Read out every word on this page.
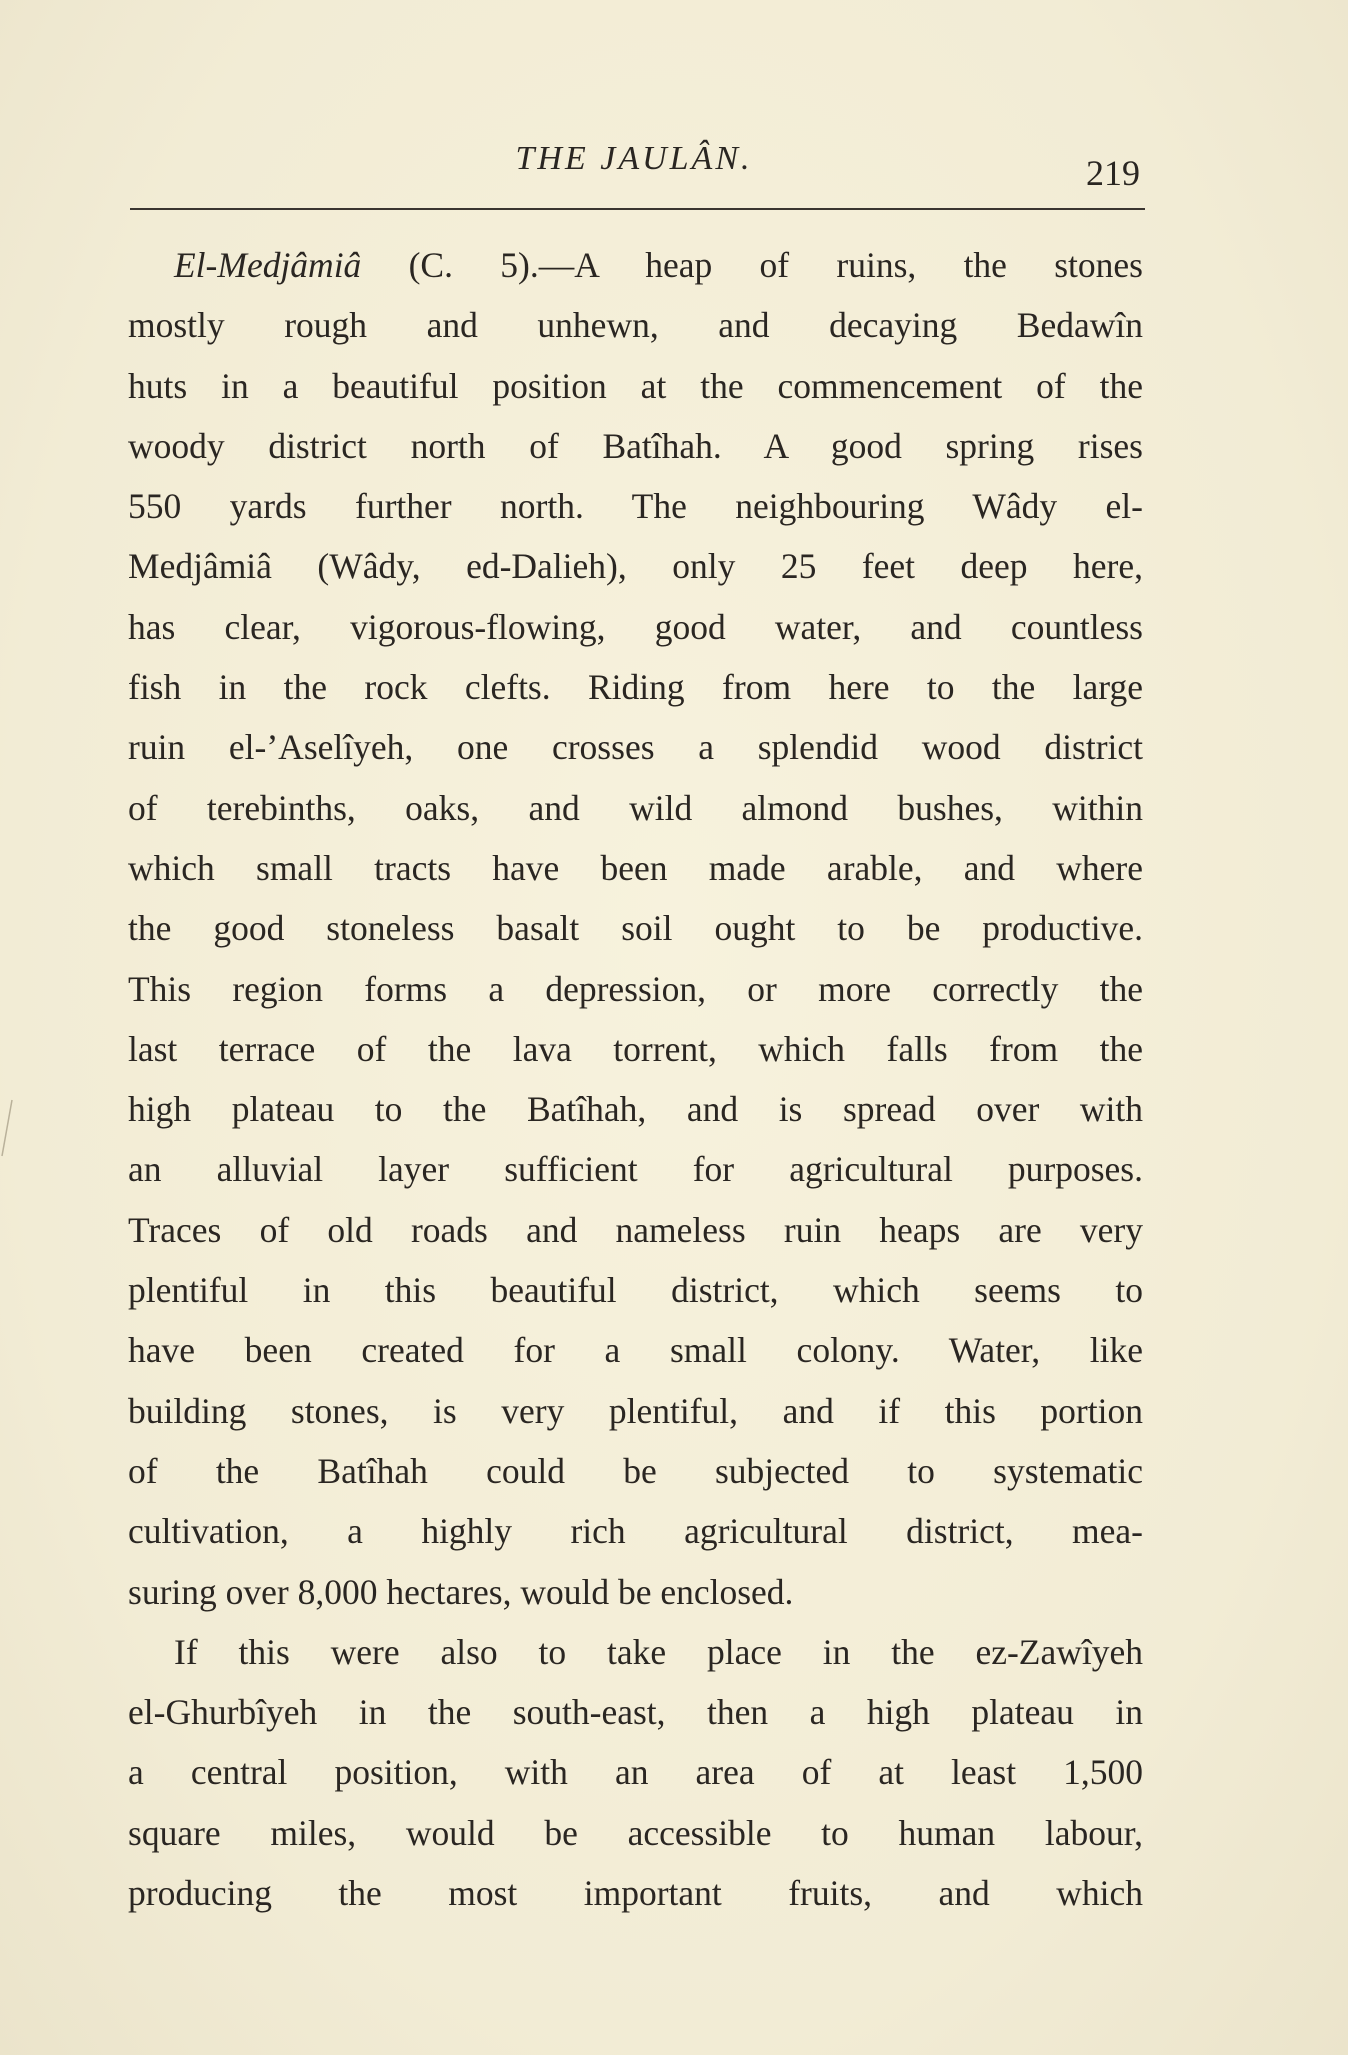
THE JAULÂN.	219
El-Medjâmiâ (C. 5).—A heap of ruins, the stones
mostly rough and unhewn, and decaying Bedawîn
huts in a beautiful position at the commencement of the
woody district north of Batîhah. A good spring rises
550 yards further north. The neighbouring Wâdy el-
Medjâmiâ (Wâdy, ed-Dalieh), only 25 feet deep here,
has clear, vigorous-flowing, good water, and countless
fish in the rock clefts. Riding from here to the large
ruin el-’Aselîyeh, one crosses a splendid wood district
of terebinths, oaks, and wild almond bushes, within
which small tracts have been made arable, and where
the good stoneless basalt soil ought to be productive.
This region forms a depression, or more correctly the
last terrace of the lava torrent, which falls from the
high plateau to the Batîhah, and is spread over with
an alluvial layer sufficient for agricultural purposes.
Traces of old roads and nameless ruin heaps are very
plentiful in this beautiful district, which seems to
have been created for a small colony. Water, like
building stones, is very plentiful, and if this portion
of the Batîhah could be subjected to systematic
cultivation, a highly rich agricultural district, mea-
suring over 8,000 hectares, would be enclosed.
If this were also to take place in the ez-Zawîyeh
el-Ghurbîyeh in the south-east, then a high plateau in
a central position, with an area of at least 1,500
square miles, would be accessible to human labour,
producing the most important fruits, and which
